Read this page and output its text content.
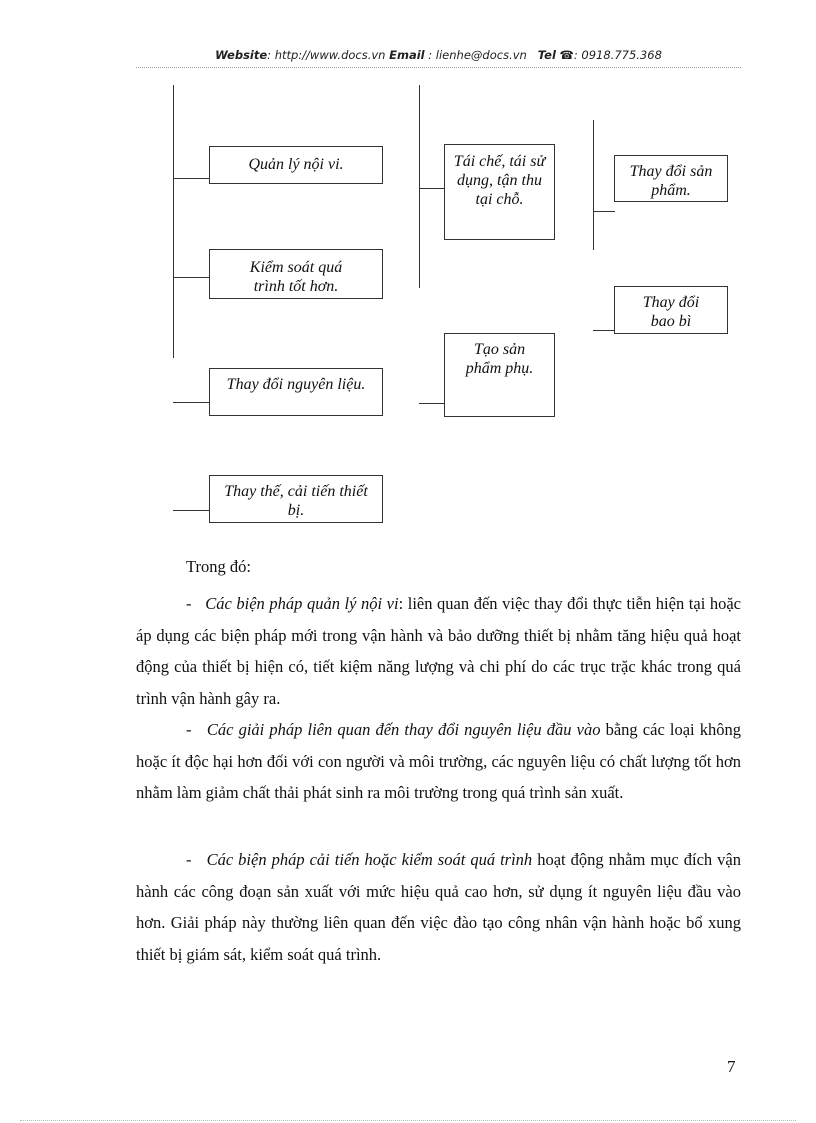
Website: http://www.docs.vn Email : lienhe@docs.vn Tel ☎: 0918.775.368
Quản lý nội vi.
Kiểm soát quá trình tốt hơn.
Thay đổi nguyên liệu.
Thay thế, cải tiến thiết bị.
Tái chế, tái sử dụng, tận thu tại chỗ.
Tạo sản phẩm phụ.
Thay đổi sản phẩm.
Thay đổi bao bì
Trong đó:
- Các biện pháp quản lý nội vi: liên quan đến việc thay đổi thực tiễn hiện tại hoặc áp dụng các biện pháp mới trong vận hành và bảo dưỡng thiết bị nhằm tăng hiệu quả hoạt động của thiết bị hiện có, tiết kiệm năng lượng và chi phí do các trục trặc khác trong quá trình vận hành gây ra.
- Các giải pháp liên quan đến thay đổi nguyên liệu đầu vào bằng các loại không hoặc ít độc hại hơn đối với con người và môi trường, các nguyên liệu có chất lượng tốt hơn nhằm làm giảm chất thải phát sinh ra môi trường trong quá trình sản xuất.
- Các biện pháp cải tiến hoặc kiểm soát quá trình hoạt động nhằm mục đích vận hành các công đoạn sản xuất với mức hiệu quả cao hơn, sử dụng ít nguyên liệu đầu vào hơn. Giải pháp này thường liên quan đến việc đào tạo công nhân vận hành hoặc bổ xung thiết bị giám sát, kiểm soát quá trình.
7
